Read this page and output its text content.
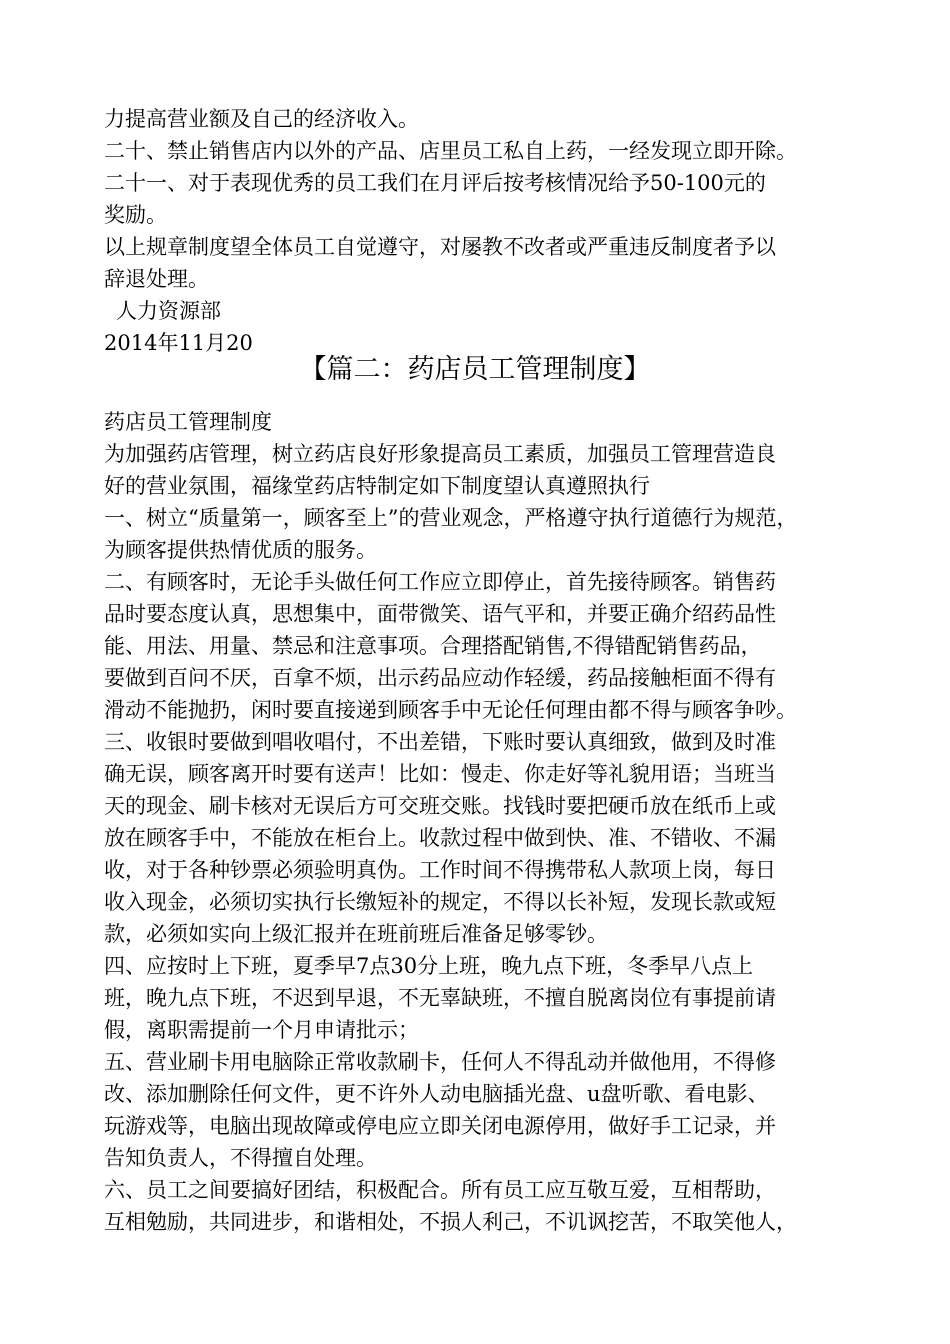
力提高营业额及自己的经济收入。
二十、禁止销售店内以外的产品、店里员工私自上药，一经发现立即开除。
二十一、对于表现优秀的员工我们在月评后按考核情况给予50-100元的
奖励。
以上规章制度望全体员工自觉遵守，对屡教不改者或严重违反制度者予以
辞退处理。
人力资源部
2014年11月20
【篇二：药店员工管理制度】
药店员工管理制度
为加强药店管理，树立药店良好形象提高员工素质，加强员工管理营造良
好的营业氛围，福缘堂药店特制定如下制度望认真遵照执行
一、树立“质量第一，顾客至上”的营业观念，严格遵守执行道德行为规范，
为顾客提供热情优质的服务。
二、有顾客时，无论手头做任何工作应立即停止，首先接待顾客。销售药
品时要态度认真，思想集中，面带微笑、语气平和，并要正确介绍药品性
能、用法、用量、禁忌和注意事项。合理搭配销售,不得错配销售药品，
要做到百问不厌，百拿不烦，出示药品应动作轻缓，药品接触柜面不得有
滑动不能抛扔，闲时要直接递到顾客手中无论任何理由都不得与顾客争吵。
三、收银时要做到唱收唱付，不出差错，下账时要认真细致，做到及时准
确无误，顾客离开时要有送声！比如：慢走、你走好等礼貌用语；当班当
天的现金、刷卡核对无误后方可交班交账。找钱时要把硬币放在纸币上或
放在顾客手中，不能放在柜台上。收款过程中做到快、准、不错收、不漏
收，对于各种钞票必须验明真伪。工作时间不得携带私人款项上岗，每日
收入现金，必须切实执行长缴短补的规定，不得以长补短，发现长款或短
款，必须如实向上级汇报并在班前班后准备足够零钞。
四、应按时上下班，夏季早7点30分上班，晚九点下班，冬季早八点上
班，晚九点下班，不迟到早退，不无辜缺班，不擅自脱离岗位有事提前请
假，离职需提前一个月申请批示；
五、营业刷卡用电脑除正常收款刷卡，任何人不得乱动并做他用，不得修
改、添加删除任何文件，更不许外人动电脑插光盘、u盘听歌、看电影、
玩游戏等，电脑出现故障或停电应立即关闭电源停用，做好手工记录，并
告知负责人，不得擅自处理。
六、员工之间要搞好团结，积极配合。所有员工应互敬互爱，互相帮助，
互相勉励，共同进步，和谐相处，不损人利己，不讥讽挖苦，不取笑他人，
